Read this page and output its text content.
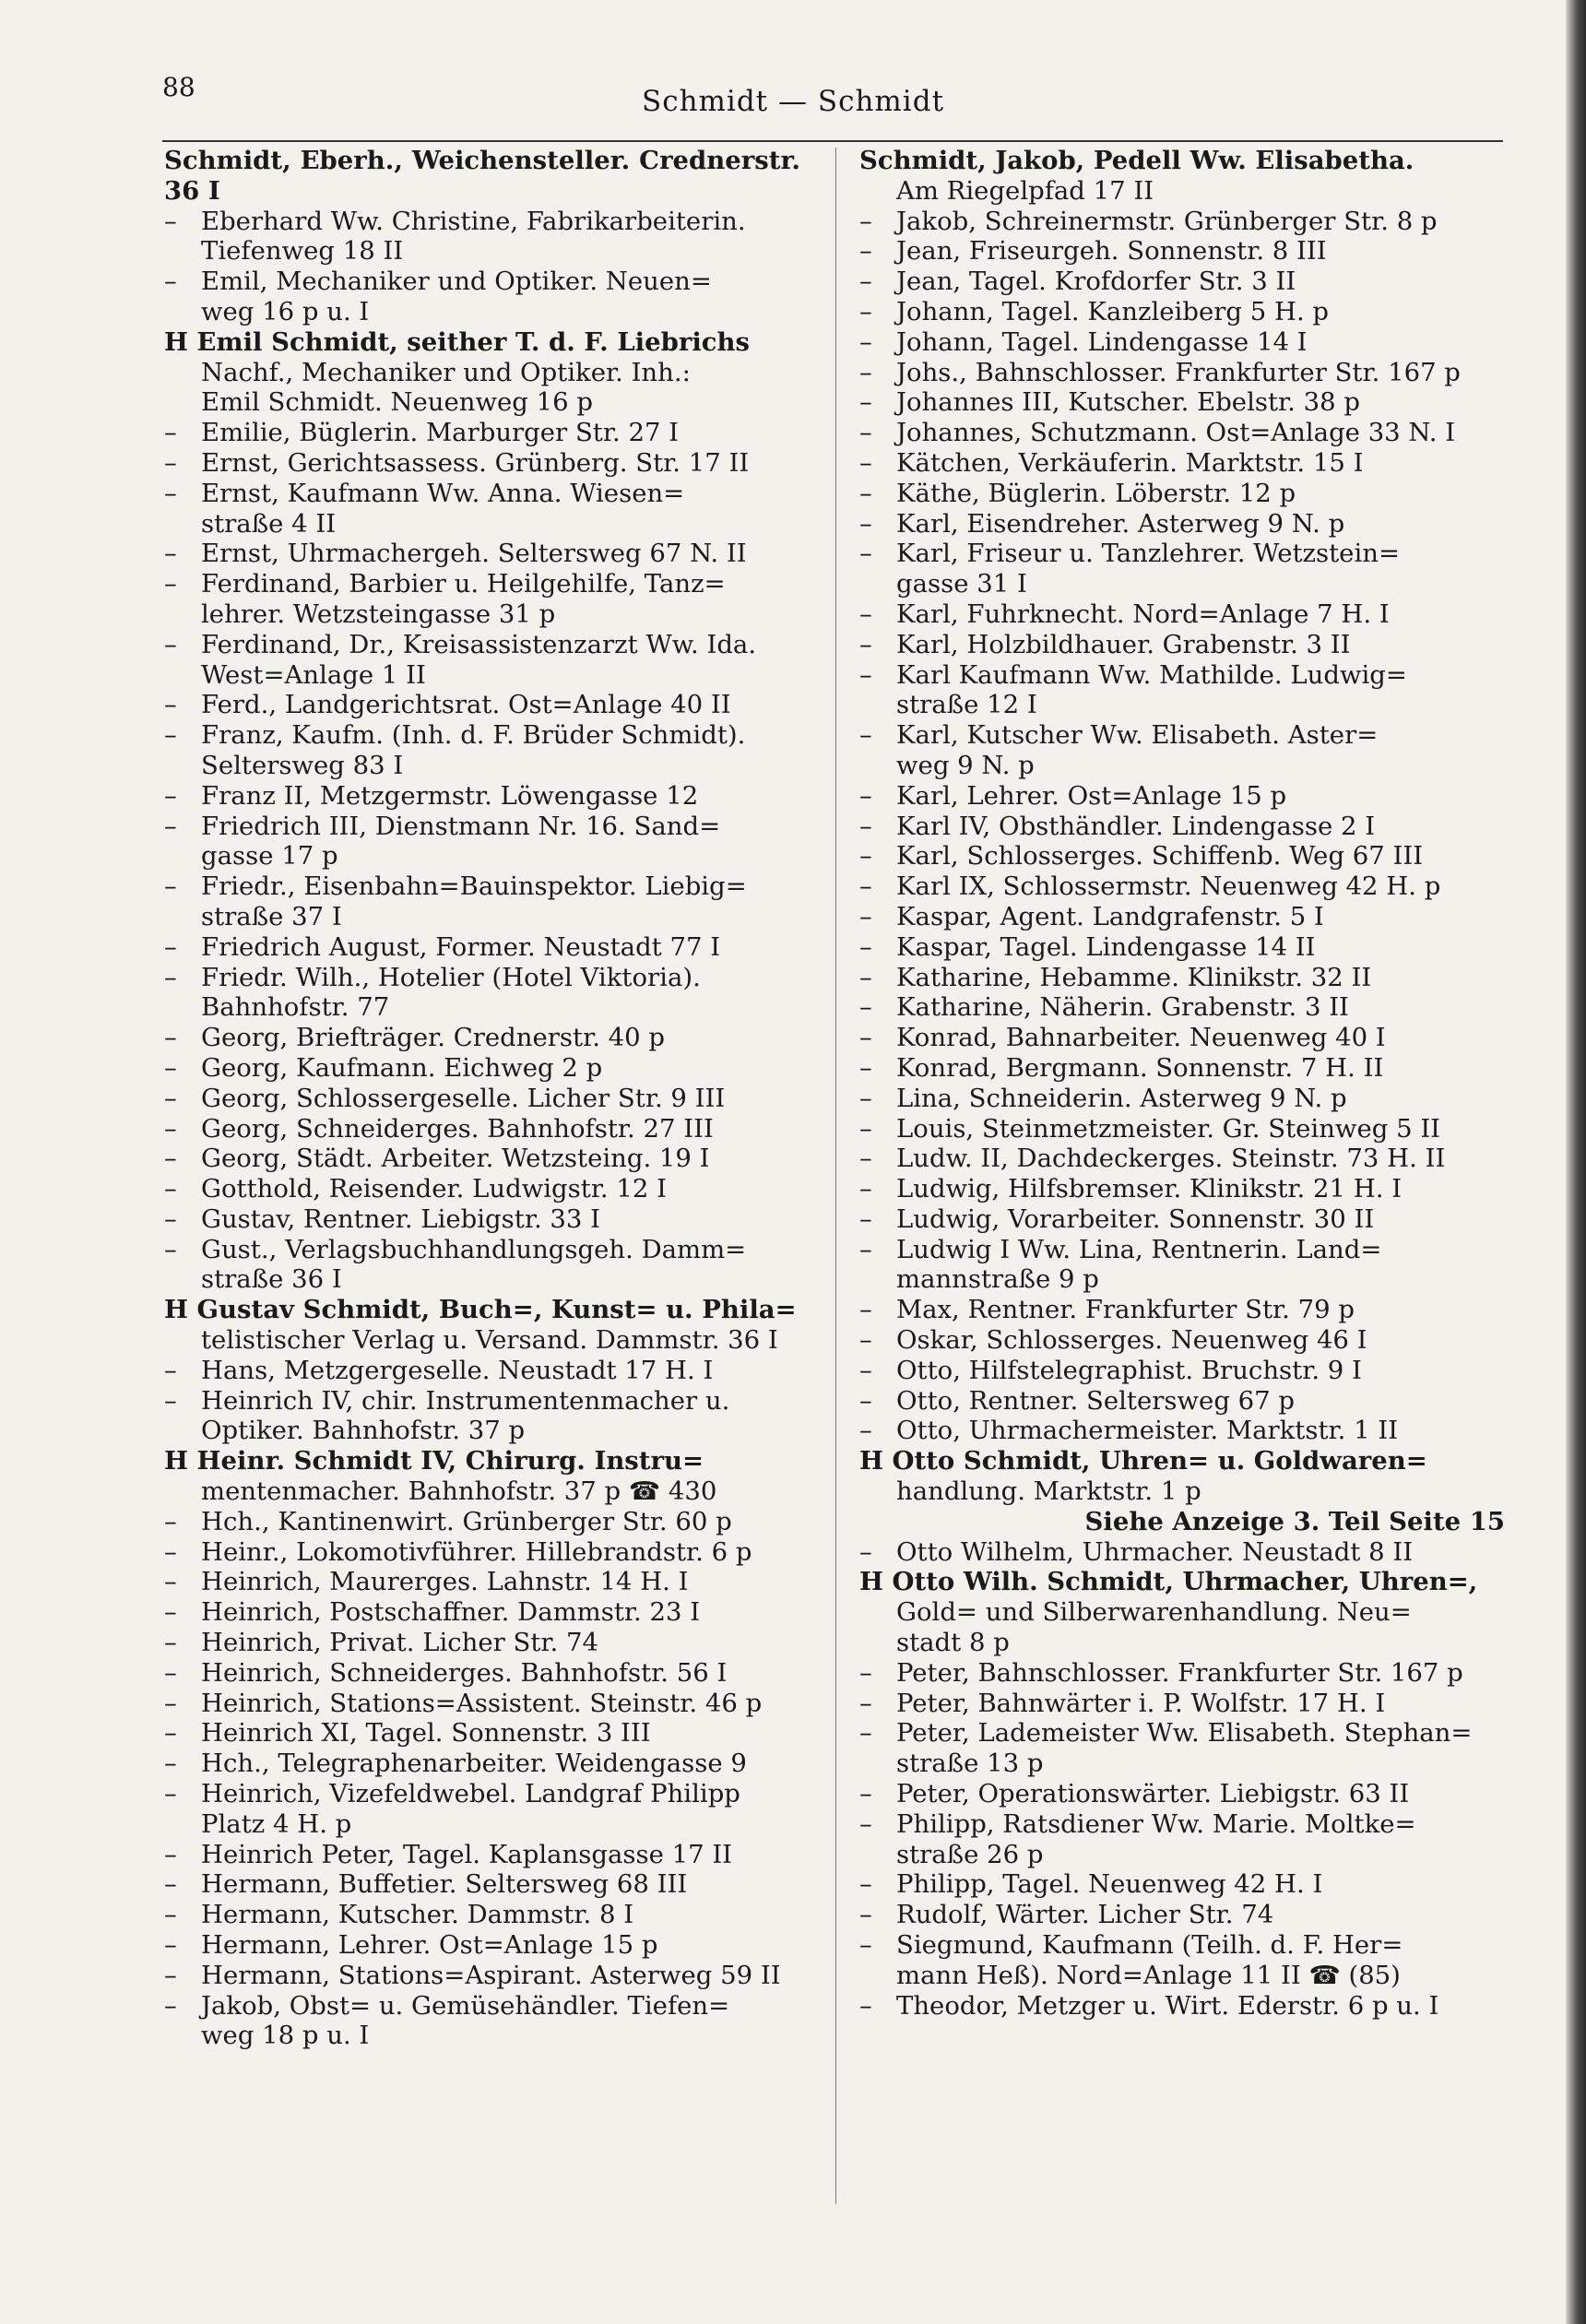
88	Schmidt — Schmidt
Schmidt, Eberh., Weichensteller. Crednerstr. 36 I
– Eberhard Ww. Christine, Fabrikarbeiterin.
Tiefenweg 18 II
– Emil, Mechaniker und Optiker. Neuen=
weg 16 p u. I
H Emil Schmidt, seither T. d. F. Liebrichs
Nachf., Mechaniker und Optiker. Inh.:
Emil Schmidt. Neuenweg 16 p
– Emilie, Büglerin. Marburger Str. 27 I
– Ernst, Gerichtsassess. Grünberg. Str. 17 II
– Ernst, Kaufmann Ww. Anna. Wiesen=
straße 4 II
– Ernst, Uhrmachergeh. Seltersweg 67 N. II
– Ferdinand, Barbier u. Heilgehilfe, Tanz=
lehrer. Wetzsteingasse 31 p
– Ferdinand, Dr., Kreisassistenzarzt Ww. Ida.
West=Anlage 1 II
– Ferd., Landgerichtsrat. Ost=Anlage 40 II
– Franz, Kaufm. (Inh. d. F. Brüder Schmidt).
Seltersweg 83 I
– Franz II, Metzgermstr. Löwengasse 12
– Friedrich III, Dienstmann Nr. 16. Sand=
gasse 17 p
– Friedr., Eisenbahn=Bauinspektor. Liebig=
straße 37 I
– Friedrich August, Former. Neustadt 77 I
– Friedr. Wilh., Hotelier (Hotel Viktoria).
Bahnhofstr. 77
– Georg, Briefträger. Crednerstr. 40 p
– Georg, Kaufmann. Eichweg 2 p
– Georg, Schlossergeselle. Licher Str. 9 III
– Georg, Schneiderges. Bahnhofstr. 27 III
– Georg, Städt. Arbeiter. Wetzsteing. 19 I
– Gotthold, Reisender. Ludwigstr. 12 I
– Gustav, Rentner. Liebigstr. 33 I
– Gust., Verlagsbuchhandlungsgeh. Damm=
straße 36 I
H Gustav Schmidt, Buch=, Kunst= u. Phila=
telistischer Verlag u. Versand. Dammstr. 36 I
– Hans, Metzgergeselle. Neustadt 17 H. I
– Heinrich IV, chir. Instrumentenmacher u.
Optiker. Bahnhofstr. 37 p
H Heinr. Schmidt IV, Chirurg. Instru=
mentenmacher. Bahnhofstr. 37 p ☎ 430
– Hch., Kantinenwirt. Grünberger Str. 60 p
– Heinr., Lokomotivführer. Hillebrandstr. 6 p
– Heinrich, Maurerges. Lahnstr. 14 H. I
– Heinrich, Postschaffner. Dammstr. 23 I
– Heinrich, Privat. Licher Str. 74
– Heinrich, Schneiderges. Bahnhofstr. 56 I
– Heinrich, Stations=Assistent. Steinstr. 46 p
– Heinrich XI, Tagel. Sonnenstr. 3 III
– Hch., Telegraphenarbeiter. Weidengasse 9
– Heinrich, Vizefeldwebel. Landgraf Philipp
Platz 4 H. p
– Heinrich Peter, Tagel. Kaplansgasse 17 II
– Hermann, Buffetier. Seltersweg 68 III
– Hermann, Kutscher. Dammstr. 8 I
– Hermann, Lehrer. Ost=Anlage 15 p
– Hermann, Stations=Aspirant. Asterweg 59 II
– Jakob, Obst= u. Gemüsehändler. Tiefen=
weg 18 p u. I
Schmidt, Jakob, Pedell Ww. Elisabetha.
Am Riegelpfad 17 II
– Jakob, Schreinermstr. Grünberger Str. 8 p
– Jean, Friseurgeh. Sonnenstr. 8 III
– Jean, Tagel. Krofdorfer Str. 3 II
– Johann, Tagel. Kanzleiberg 5 H. p
– Johann, Tagel. Lindengasse 14 I
– Johs., Bahnschlosser. Frankfurter Str. 167 p
– Johannes III, Kutscher. Ebelstr. 38 p
– Johannes, Schutzmann. Ost=Anlage 33 N. I
– Kätchen, Verkäuferin. Marktstr. 15 I
– Käthe, Büglerin. Löberstr. 12 p
– Karl, Eisendreher. Asterweg 9 N. p
– Karl, Friseur u. Tanzlehrer. Wetzstein=
gasse 31 I
– Karl, Fuhrknecht. Nord=Anlage 7 H. I
– Karl, Holzbildhauer. Grabenstr. 3 II
– Karl Kaufmann Ww. Mathilde. Ludwig=
straße 12 I
– Karl, Kutscher Ww. Elisabeth. Aster=
weg 9 N. p
– Karl, Lehrer. Ost=Anlage 15 p
– Karl IV, Obsthändler. Lindengasse 2 I
– Karl, Schlosserges. Schiffenb. Weg 67 III
– Karl IX, Schlossermstr. Neuenweg 42 H. p
– Kaspar, Agent. Landgrafenstr. 5 I
– Kaspar, Tagel. Lindengasse 14 II
– Katharine, Hebamme. Klinikstr. 32 II
– Katharine, Näherin. Grabenstr. 3 II
– Konrad, Bahnarbeiter. Neuenweg 40 I
– Konrad, Bergmann. Sonnenstr. 7 H. II
– Lina, Schneiderin. Asterweg 9 N. p
– Louis, Steinmetzmeister. Gr. Steinweg 5 II
– Ludw. II, Dachdeckerges. Steinstr. 73 H. II
– Ludwig, Hilfsbremser. Klinikstr. 21 H. I
– Ludwig, Vorarbeiter. Sonnenstr. 30 II
– Ludwig I Ww. Lina, Rentnerin. Land=
mannstraße 9 p
– Max, Rentner. Frankfurter Str. 79 p
– Oskar, Schlosserges. Neuenweg 46 I
– Otto, Hilfstelegraphist. Bruchstr. 9 I
– Otto, Rentner. Seltersweg 67 p
– Otto, Uhrmachermeister. Marktstr. 1 II
H Otto Schmidt, Uhren= u. Goldwaren=
handlung. Marktstr. 1 p
Siehe Anzeige 3. Teil Seite 15
– Otto Wilhelm, Uhrmacher. Neustadt 8 II
H Otto Wilh. Schmidt, Uhrmacher, Uhren=,
Gold= und Silberwarenhandlung. Neu=
stadt 8 p
– Peter, Bahnschlosser. Frankfurter Str. 167 p
– Peter, Bahnwärter i. P. Wolfstr. 17 H. I
– Peter, Lademeister Ww. Elisabeth. Stephan=
straße 13 p
– Peter, Operationswärter. Liebigstr. 63 II
– Philipp, Ratsdiener Ww. Marie. Moltke=
straße 26 p
– Philipp, Tagel. Neuenweg 42 H. I
– Rudolf, Wärter. Licher Str. 74
– Siegmund, Kaufmann (Teilh. d. F. Her=
mann Heß). Nord=Anlage 11 II ☎ (85)
– Theodor, Metzger u. Wirt. Ederstr. 6 p u. I
